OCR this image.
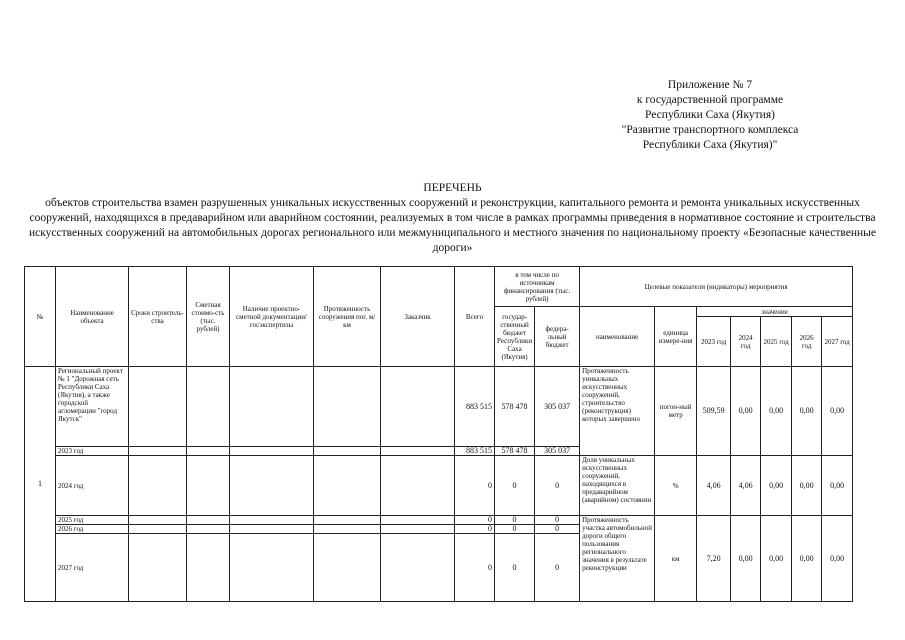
Приложение № 7
к государственной программе
Республики Саха (Якутия)
"Развитие транспортного комплекса
Республики Саха (Якутия)"
ПЕРЕЧЕНЬ
объектов строительства взамен разрушенных уникальных искусственных сооружений и реконструкции, капитального ремонта и ремонта уникальных искусственных сооружений, находящихся в предаварийном или аварийном состоянии, реализуемых в том числе в рамках программы приведения в нормативное состояние и строительства искусственных сооружений на автомобильных дорогах регионального или межмуниципального и местного значения по национальному проекту «Безопасные качественные дороги»
№	Наименование объекта	Сроки строитель-ства	Сметная стоимо-сть (тыс. рублей)	Наличие проектно-сметной документации/ госэкспертизы	Протяженность сооружения пог. м/км	Заказчик	Всего	в том числе по источникам финансирования (тыс. рублей)		Целевые показатели (индикаторы) мероприятия						
								государ-ственный бюджет Республики Саха (Якутия)	федера-льный бюджет	наименование	единица измере-ния	значение				
												2023 год	2024 год	2025 год	2026 год	2027 год
1	Региональный проект № 1 "Дорожная сеть Республики Саха (Якутия), а также городской агломерации "город Якутск"						883 515	578 478	305 037	Протяженность уникальных искусственных сооружений, строительство (реконструкция) которых завершено	погон-ный метр	509,59	0,00	0,00	0,00	0,00
	2023 год						883 515	578 478	305 037							
	2024 год						0	0	0	Доля уникальных искусственных сооружений, находящихся в предаварийном (аварийном) состоянии	%	4,06	4,06	0,00	0,00	0,00
	2025 год						0	0	0	Протяженность участка автомобильной дороги общего пользования регионального значения в результате реконструкции	км	7,20	0,00	0,00	0,00	0,00
	2026 год						0	0	0							
	2027 год						0	0	0							
